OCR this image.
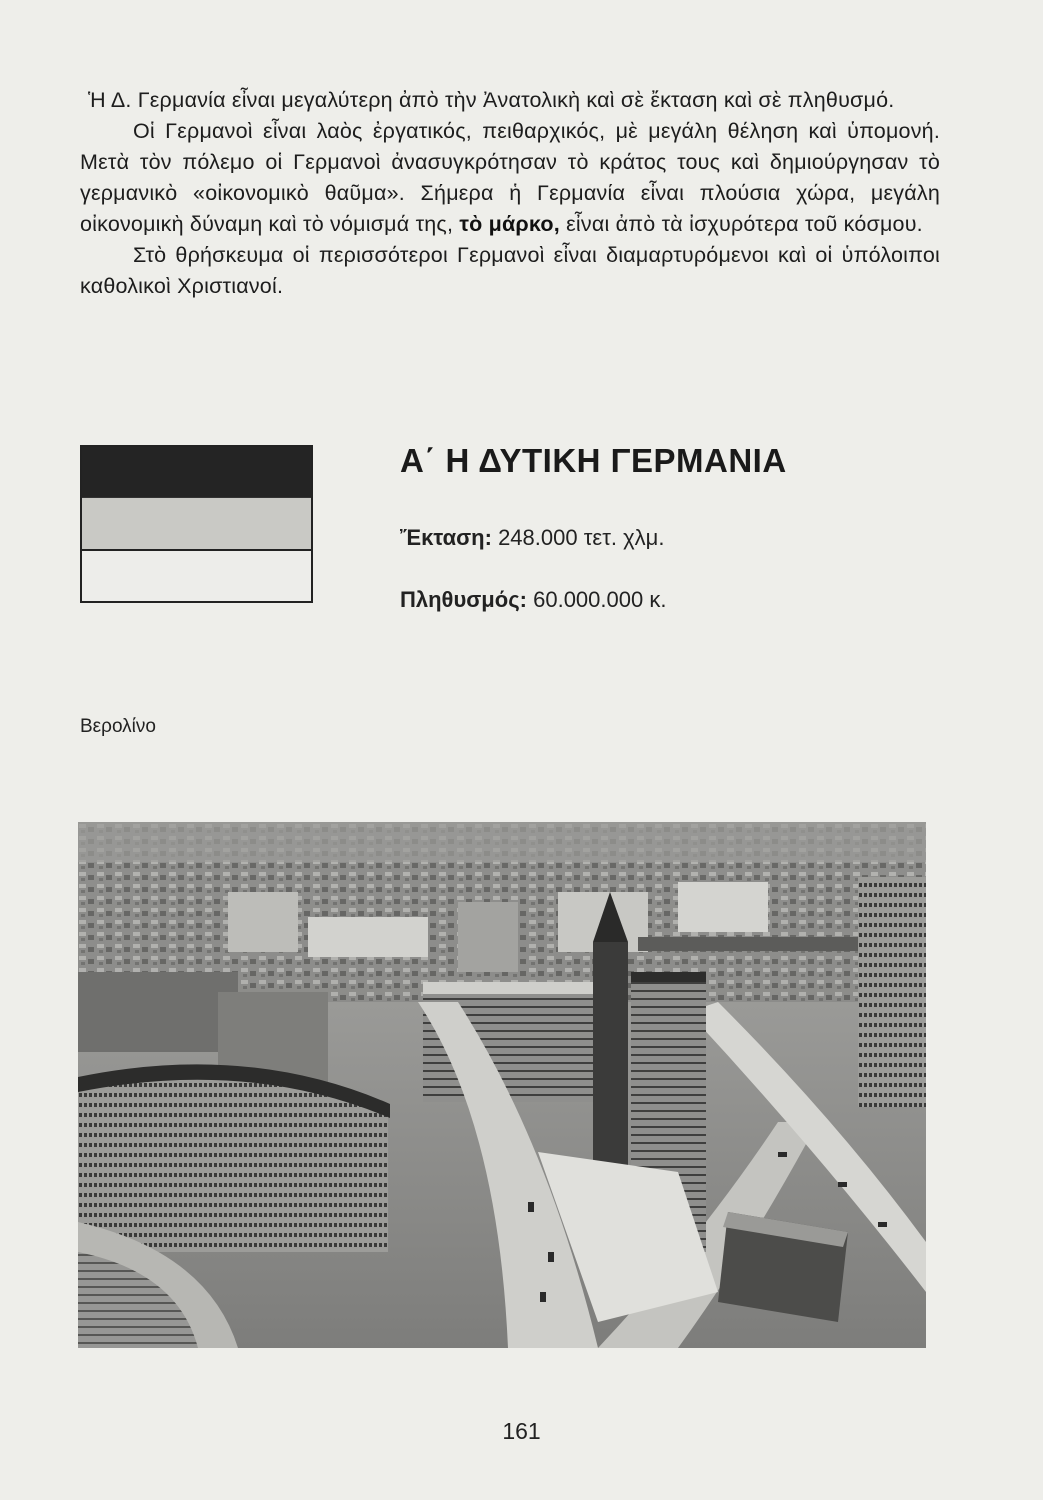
Ἡ Δ. Γερμανία εἶναι μεγαλύτερη ἀπὸ τὴν Ἀνατολικὴ καὶ σὲ ἔκταση καὶ σὲ πληθυσμό.

Οἱ Γερμανοὶ εἶναι λαὸς ἐργατικός, πειθαρχικός, μὲ μεγάλη θέληση καὶ ὑπομονή. Μετὰ τὸν πόλεμο οἱ Γερμανοὶ ἀνασυγκρότησαν τὸ κράτος τους καὶ δημιούργησαν τὸ γερμανικὸ «οἰκονομικὸ θαῦμα». Σήμερα ἡ Γερμανία εἶναι πλούσια χώρα, μεγάλη οἰκονομικὴ δύναμη καὶ τὸ νόμισμά της, τὸ μάρκο, εἶναι ἀπὸ τὰ ἰσχυρότερα τοῦ κόσμου.

Στὸ θρήσκευμα οἱ περισσότεροι Γερμανοὶ εἶναι διαμαρτυρόμενοι καὶ οἱ ὑπόλοιποι καθολικοὶ Χριστιανοί.

Α΄ Η ΔΥΤΙΚΗ ΓΕΡΜΑΝΙΑ
Ἔκταση: 248.000 τετ. χλμ.
Πληθυσμός: 60.000.000 κ.
Βερολίνο
161
